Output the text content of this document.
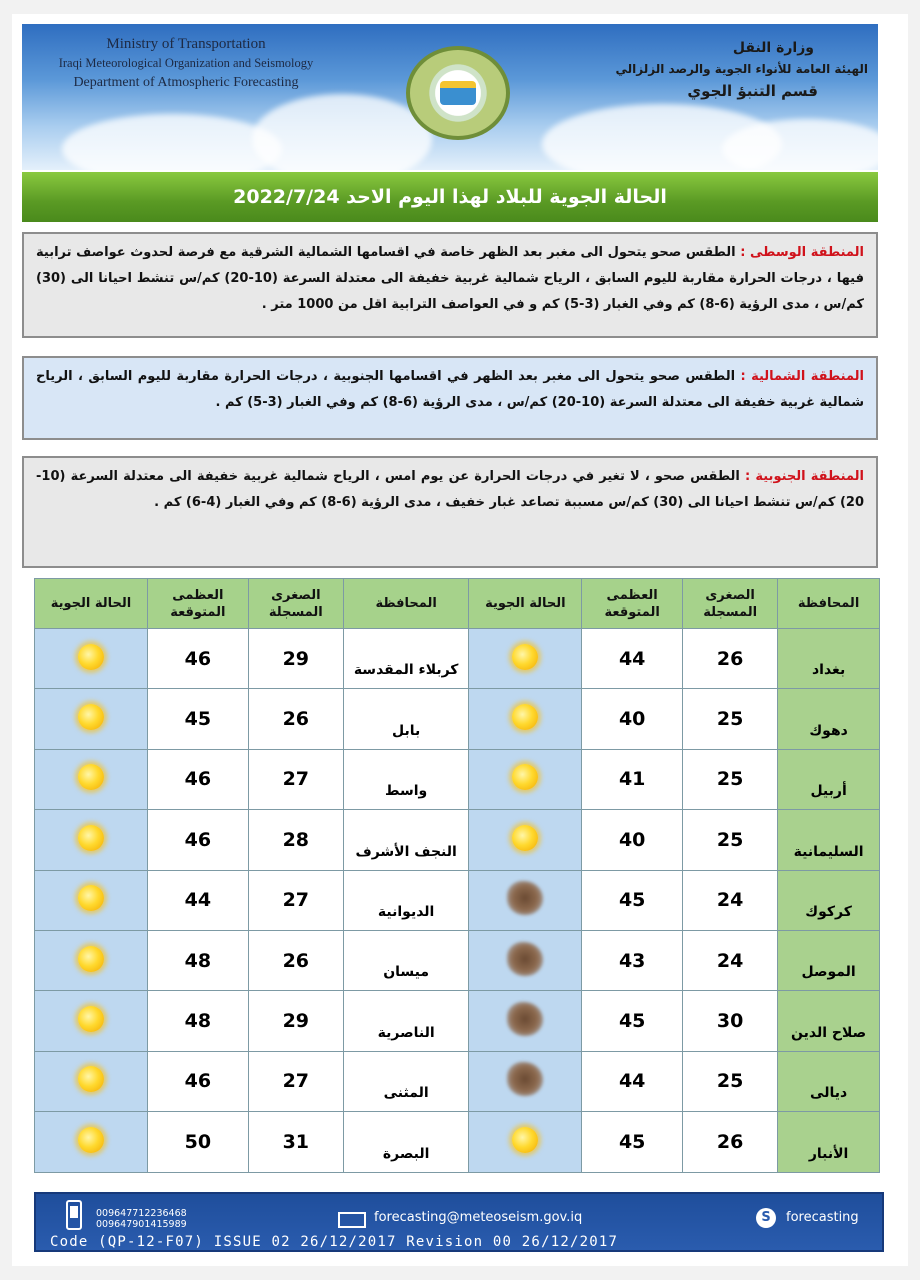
Ministry of Transportation
Iraqi Meteorological Organization and Seismology
Department of Atmospheric Forecasting
وزارة النقل
الهيئة العامة للأنواء الجوية والرصد الزلزالي
قسم التنبؤ الجوي
الحالة الجوية للبلاد لهذا اليوم الاحد 2022/7/24
المنطقة الوسطى : الطقس صحو يتحول الى مغبر بعد الظهر خاصة في اقسامها الشمالية الشرقية مع فرصة لحدوث عواصف ترابية فيها ، درجات الحرارة مقاربة لليوم السابق ، الرياح شمالية غربية خفيفة الى معتدلة السرعة (10-20) كم/س تنشط احيانا الى (30) كم/س ، مدى الرؤية (6-8) كم وفي الغبار (3-5) كم و في العواصف الترابية اقل من 1000 متر .
المنطقة الشمالية : الطقس صحو يتحول الى مغبر بعد الظهر في اقسامها الجنوبية ، درجات الحرارة مقاربة لليوم السابق ، الرياح شمالية غربية خفيفة الى معتدلة السرعة (10-20) كم/س ، مدى الرؤية (6-8) كم وفي الغبار (3-5) كم .
المنطقة الجنوبية : الطقس صحو ، لا تغير في درجات الحرارة عن يوم امس ، الرياح شمالية غربية خفيفة الى معتدلة السرعة (10-20) كم/س تنشط احيانا الى (30) كم/س مسببة تصاعد غبار خفيف ، مدى الرؤية (6-8) كم وفي الغبار (4-6) كم .
المحافظة	الصغرى المسجلة	العظمى المتوقعة	الحالة الجوية	المحافظة	الصغرى المسجلة	العظمى المتوقعة	الحالة الجوية
بغداد	26	44		كربلاء المقدسة	29	46	
دهوك	25	40		بابل	26	45	
أربيل	25	41		واسط	27	46	
السليمانية	25	40		النجف الأشرف	28	46	
كركوك	24	45		الديوانية	27	44	
الموصل	24	43		ميسان	26	48	
صلاح الدين	30	45		الناصرية	29	48	
ديالى	25	44		المثنى	27	46	
الأنبار	26	45		البصرة	31	50	
009647712236468
009647901415989	forecasting@meteoseism.gov.iq	S	forecasting
Code (QP-12-F07) ISSUE 02 26/12/2017 Revision 00 26/12/2017
